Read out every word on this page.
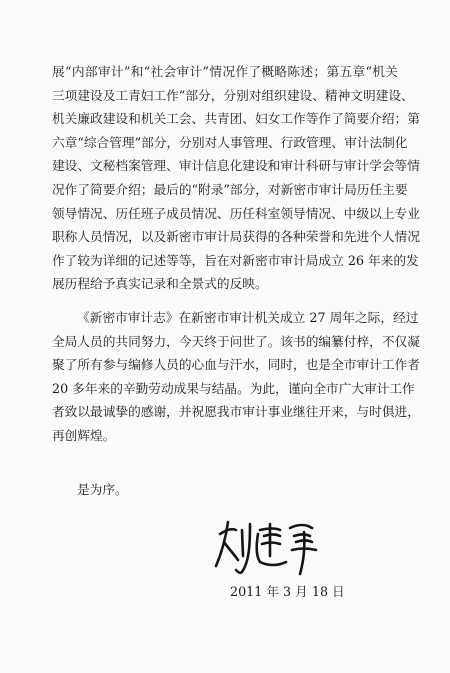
展“内部审计”和“社会审计”情况作了概略陈述；第五章“机关
三项建设及工青妇工作”部分，分别对组织建设、精神文明建设、
机关廉政建设和机关工会、共青团、妇女工作等作了简要介绍；第
六章“综合管理”部分，分别对人事管理、行政管理、审计法制化
建设、文秘档案管理、审计信息化建设和审计科研与审计学会等情
况作了简要介绍；最后的“附录”部分，对新密市审计局历任主要
领导情况、历任班子成员情况、历任科室领导情况、中级以上专业
职称人员情况，以及新密市审计局获得的各种荣誉和先进个人情况
作了较为详细的记述等等，旨在对新密市审计局成立 26 年来的发
展历程给予真实记录和全景式的反映。
《新密市审计志》在新密市审计机关成立 27 周年之际，经过
全局人员的共同努力，今天终于问世了。该书的编纂付梓，不仅凝
聚了所有参与编修人员的心血与汗水，同时，也是全市审计工作者
20 多年来的辛勤劳动成果与结晶。为此，谨向全市广大审计工作
者致以最诚挚的感谢，并祝愿我市审计事业继往开来，与时俱进，
再创辉煌。
是为序。
2011 年 3 月 18 日
